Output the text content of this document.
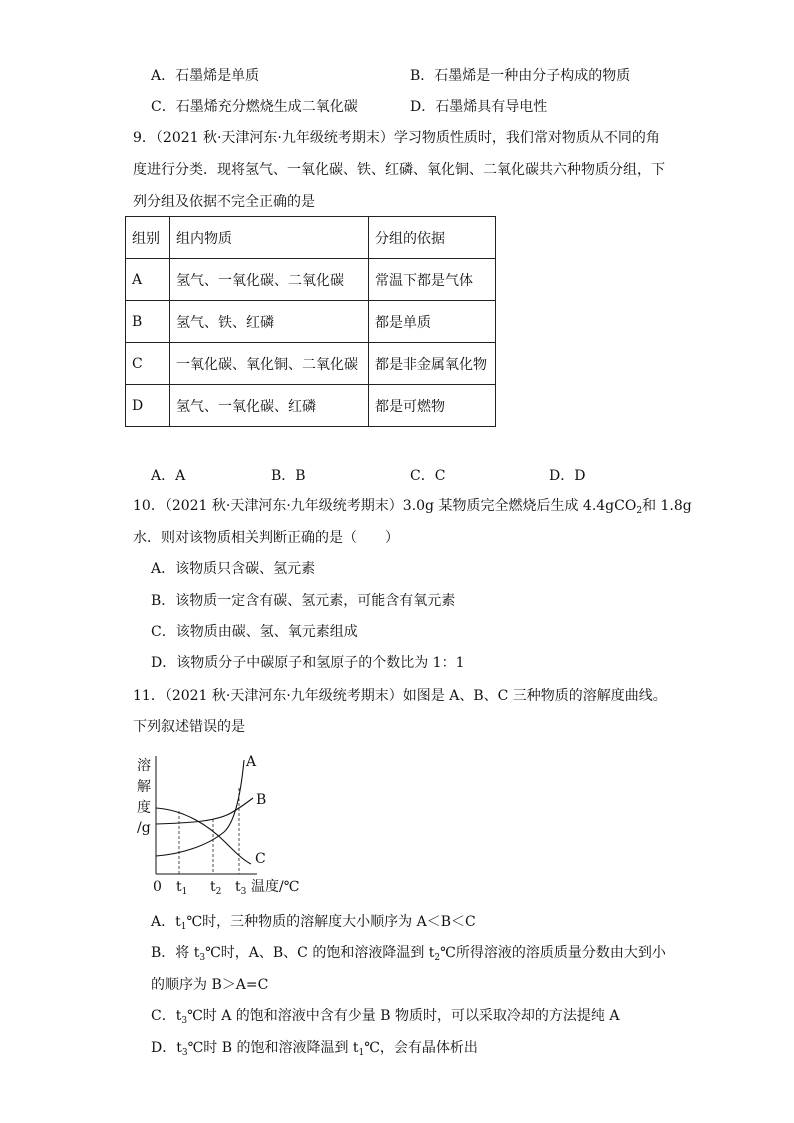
A．石墨烯是单质	B．石墨烯是一种由分子构成的物质
C．石墨烯充分燃烧生成二氧化碳	D．石墨烯具有导电性
9．（2021 秋·天津河东·九年级统考期末）学习物质性质时，我们常对物质从不同的角
度进行分类．现将氢气、一氧化碳、铁、红磷、氧化铜、二氧化碳共六种物质分组，下
列分组及依据不完全正确的是
组别	组内物质	分组的依据
A	氢气、一氧化碳、二氧化碳	常温下都是气体
B	氢气、铁、红磷	都是单质
C	一氧化碳、氧化铜、二氧化碳	都是非金属氧化物
D	氢气、一氧化碳、红磷	都是可燃物
A．A	B．B	C．C	D．D
10．（2021 秋·天津河东·九年级统考期末）3.0g 某物质完全燃烧后生成 4.4gCO$_2$和 1.8g
水．则对该物质相关判断正确的是（　　）
A．该物质只含碳、氢元素
B．该物质一定含有碳、氢元素，可能含有氧元素
C．该物质由碳、氢、氧元素组成
D．该物质分子中碳原子和氢原子的个数比为 1：1
11．（2021 秋·天津河东·九年级统考期末）如图是 A、B、C 三种物质的溶解度曲线。
下列叙述错误的是
溶
解
度
/g
A
B
C
0 $t_1$ $t_2$ $t_3$ 温度/℃
A．$t_1℃$时，三种物质的溶解度大小顺序为 A＜B＜C
B．将 $t_3℃$时，A、B、C 的饱和溶液降温到 $t_2℃$所得溶液的溶质质量分数由大到小
的顺序为 B＞A=C
C．$t_3℃$时 A 的饱和溶液中含有少量 B 物质时，可以采取冷却的方法提纯 A
D．$t_3℃$时 B 的饱和溶液降温到 $t_1℃$，会有晶体析出
